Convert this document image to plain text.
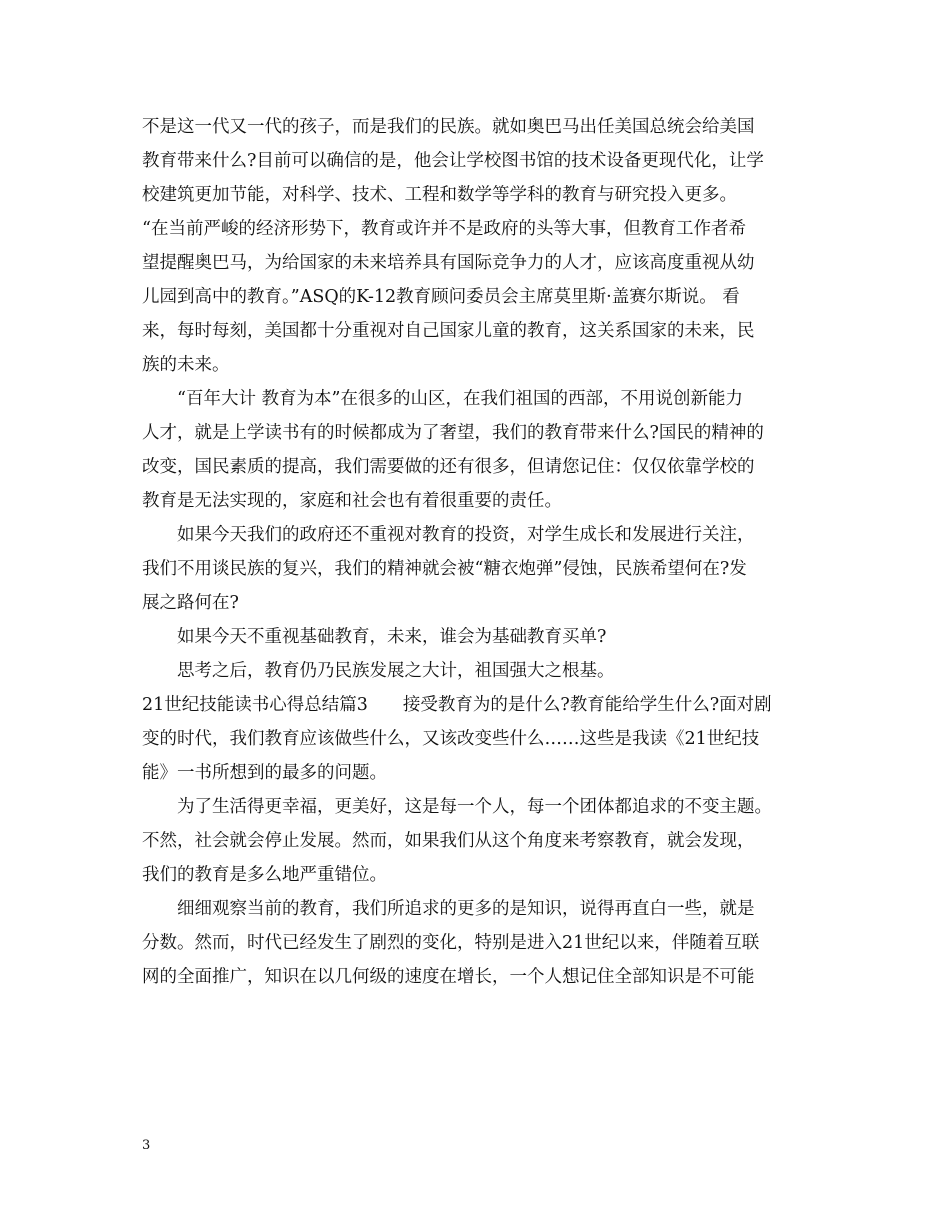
不是这一代又一代的孩子，而是我们的民族。就如奥巴马出任美国总统会给美国
教育带来什么?目前可以确信的是，他会让学校图书馆的技术设备更现代化，让学
校建筑更加节能，对科学、技术、工程和数学等学科的教育与研究投入更多。
“在当前严峻的经济形势下，教育或许并不是政府的头等大事，但教育工作者希
望提醒奥巴马，为给国家的未来培养具有国际竞争力的人才，应该高度重视从幼
儿园到高中的教育。”ASQ的K-12教育顾问委员会主席莫里斯·盖赛尔斯说。 看
来，每时每刻，美国都十分重视对自己国家儿童的教育，这关系国家的未来，民
族的未来。
“百年大计 教育为本”在很多的山区，在我们祖国的西部，不用说创新能力
人才，就是上学读书有的时候都成为了奢望，我们的教育带来什么?国民的精神的
改变，国民素质的提高，我们需要做的还有很多，但请您记住：仅仅依靠学校的
教育是无法实现的，家庭和社会也有着很重要的责任。
如果今天我们的政府还不重视对教育的投资，对学生成长和发展进行关注，
我们不用谈民族的复兴，我们的精神就会被“糖衣炮弹”侵蚀，民族希望何在?发
展之路何在?
如果今天不重视基础教育，未来，谁会为基础教育买单?
思考之后，教育仍乃民族发展之大计，祖国强大之根基。
21世纪技能读书心得总结篇3　　接受教育为的是什么?教育能给学生什么?面对剧
变的时代，我们教育应该做些什么，又该改变些什么……这些是我读《21世纪技
能》一书所想到的最多的问题。
为了生活得更幸福，更美好，这是每一个人，每一个团体都追求的不变主题。
不然，社会就会停止发展。然而，如果我们从这个角度来考察教育，就会发现，
我们的教育是多么地严重错位。
细细观察当前的教育，我们所追求的更多的是知识，说得再直白一些，就是
分数。然而，时代已经发生了剧烈的变化，特别是进入21世纪以来，伴随着互联
网的全面推广，知识在以几何级的速度在增长，一个人想记住全部知识是不可能
3
